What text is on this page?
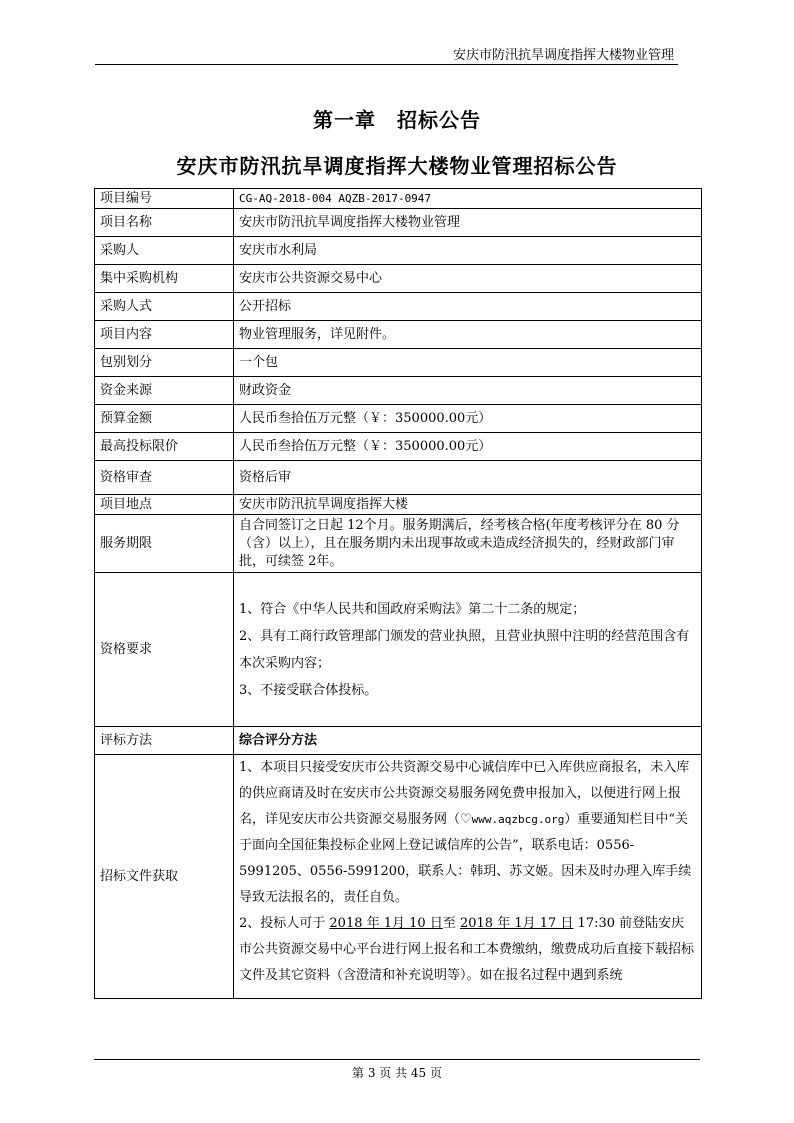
安庆市防汛抗旱调度指挥大楼物业管理
第一章　招标公告
安庆市防汛抗旱调度指挥大楼物业管理招标公告
项目编号	CG-AQ-2018-004 AQZB-2017-0947
项目名称	安庆市防汛抗旱调度指挥大楼物业管理
采购人	安庆市水利局
集中采购机构	安庆市公共资源交易中心
采购人式	公开招标
项目内容	物业管理服务，详见附件。
包别划分	一个包
资金来源	财政资金
预算金额	人民币叁拾伍万元整（￥：350000.00元）
最高投标限价	人民币叁拾伍万元整（￥：350000.00元）
资格审查	资格后审
项目地点	安庆市防汛抗旱调度指挥大楼
服务期限	自合同签订之日起 12个月。服务期满后，经考核合格(年度考核评分在 80 分（含）以上），且在服务期内未出现事故或未造成经济损失的，经财政部门审批，可续签 2年。
资格要求	1、符合《中华人民共和国政府采购法》第二十二条的规定；

2、具有工商行政管理部门颁发的营业执照，且营业执照中注明的经营范围含有本次采购内容；

3、不接受联合体投标。

评标方法	综合评分方法
招标文件获取	1、本项目只接受安庆市公共资源交易中心诚信库中已入库供应商报名，未入库的供应商请及时在安庆市公共资源交易服务网免费申报加入，以便进行网上报名，详见安庆市公共资源交易服务网（♡www.aqzbcg.org）重要通知栏目中“关于面向全国征集投标企业网上登记诚信库的公告”，联系电话：0556-5991205、0556-5991200，联系人：韩玥、苏文姬。因未及时办理入库手续导致无法报名的，责任自负。

2、投标人可于 2018 年 1月 10 日至 2018 年 1月 17 日 17:30 前登陆安庆市公共资源交易中心平台进行网上报名和工本费缴纳，缴费成功后直接下载招标文件及其它资料（含澄清和补充说明等）。如在报名过程中遇到系统

第 3 页 共 45 页
